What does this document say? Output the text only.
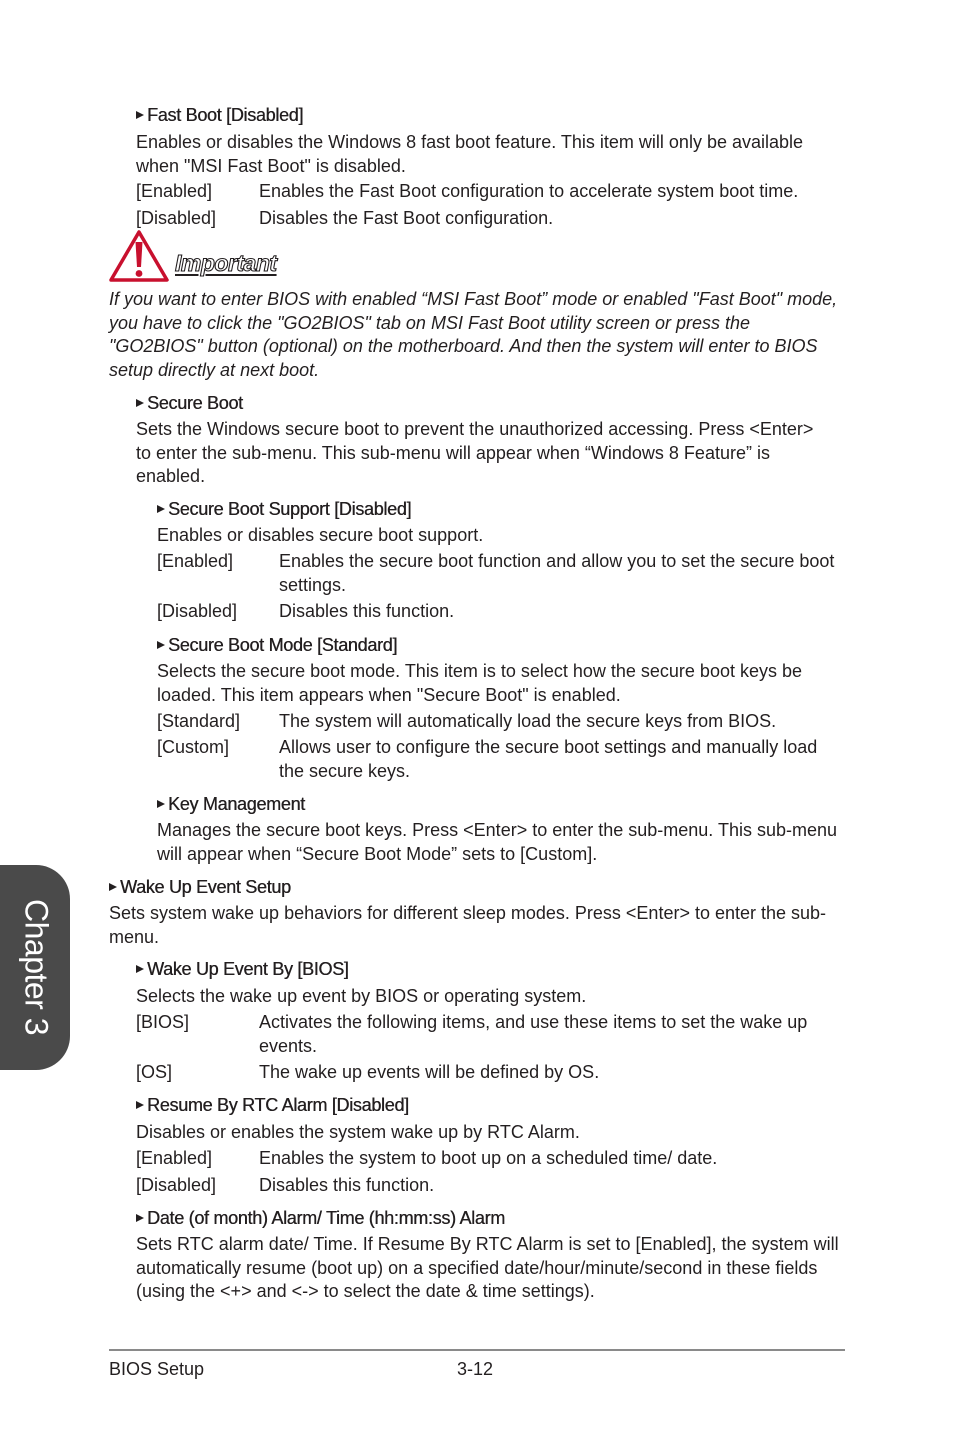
Fast Boot [Disabled]
Enables or disables the Windows 8 fast boot feature. This item will only be available when "MSI Fast Boot" is disabled.
[Enabled]	Enables the Fast Boot configuration to accelerate system boot time.
[Disabled] Disables the Fast Boot configuration.
Important
If you want to enter BIOS with enabled “MSI Fast Boot” mode or enabled "Fast Boot" mode, you have to click the "GO2BIOS" tab on MSI Fast Boot utility screen or press the "GO2BIOS" button (optional) on the motherboard. And then the system will enter to BIOS setup directly at next boot.
Secure Boot
Sets the Windows secure boot to prevent the unauthorized accessing. Press <Enter> to enter the sub-menu. This sub-menu will appear when “Windows 8 Feature” is enabled.
Secure Boot Support [Disabled]
Enables or disables secure boot support.
[Enabled]	Enables the secure boot function and allow you to set the secure boot settings.
[Disabled] Disables this function.
Secure Boot Mode [Standard]
Selects the secure boot mode. This item is to select how the secure boot keys be loaded. This item appears when "Secure Boot" is enabled.
[Standard] The system will automatically load the secure keys from BIOS.
[Custom]	Allows user to configure the secure boot settings and manually load the secure keys.
Key Management
Manages the secure boot keys. Press <Enter> to enter the sub-menu. This sub-menu will appear when “Secure Boot Mode” sets to [Custom].
Wake Up Event Setup
Sets system wake up behaviors for different sleep modes. Press <Enter> to enter the sub-menu.
Wake Up Event By [BIOS]
Selects the wake up event by BIOS or operating system.
[BIOS]	Activates the following items, and use these items to set the wake up events.
[OS]	The wake up events will be defined by OS.
Resume By RTC Alarm [Disabled]
Disables or enables the system wake up by RTC Alarm.
[Enabled]	Enables the system to boot up on a scheduled time/ date.
[Disabled] Disables this function.
Date (of month) Alarm/ Time (hh:mm:ss) Alarm
Sets RTC alarm date/ Time. If Resume By RTC Alarm is set to [Enabled], the system will automatically resume (boot up) on a specified date/hour/minute/second in these fields (using the <+> and <-> to select the date & time settings).
Chapter 3
BIOS Setup	3-12
